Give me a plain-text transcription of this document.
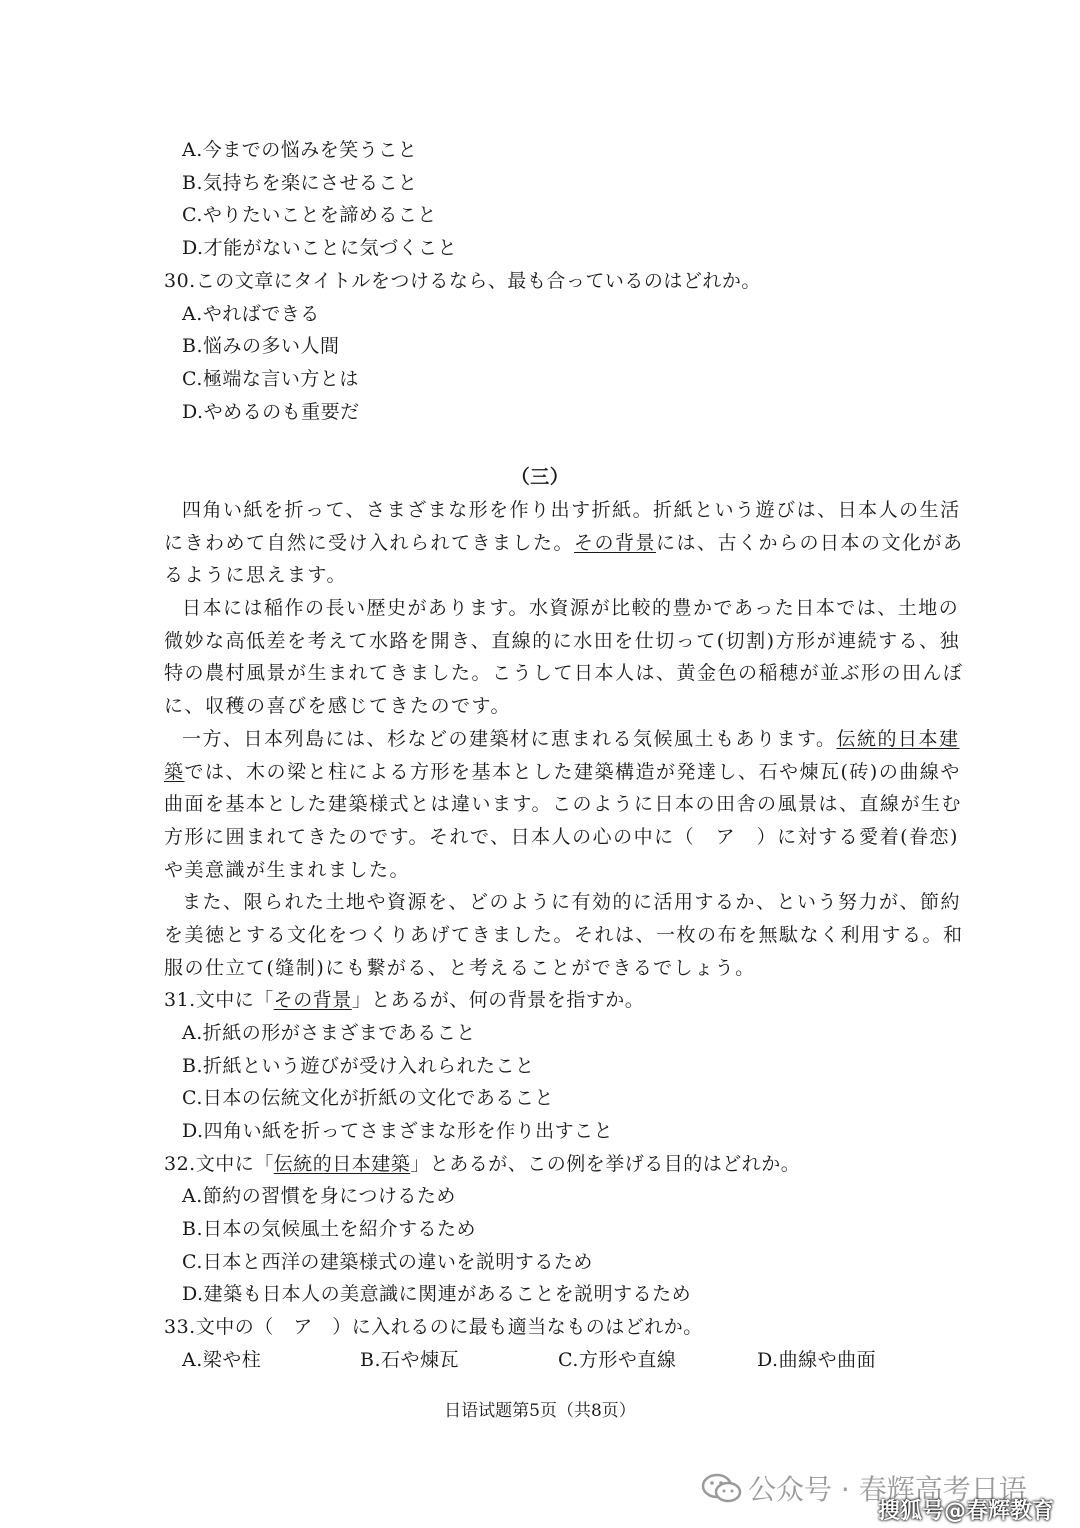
A.今までの悩みを笑うこと
B.気持ちを楽にさせること
C.やりたいことを諦めること
D.才能がないことに気づくこと
30.この文章にタイトルをつけるなら、最も合っているのはどれか。
A.やればできる
B.悩みの多い人間
C.極端な言い方とは
D.やめるのも重要だ
（三）
四角い紙を折って、さまざまな形を作り出す折紙。折紙という遊びは、日本人の生活
にきわめて自然に受け入れられてきました。その背景には、古くからの日本の文化があ
るように思えます。
日本には稲作の長い歴史があります。水資源が比較的豊かであった日本では、土地の
微妙な高低差を考えて水路を開き、直線的に水田を仕切って(切割)方形が連続する、独
特の農村風景が生まれてきました。こうして日本人は、黄金色の稲穂が並ぶ形の田んぼ
に、収穫の喜びを感じてきたのです。
一方、日本列島には、杉などの建築材に恵まれる気候風土もあります。伝統的日本建
築では、木の梁と柱による方形を基本とした建築構造が発達し、石や煉瓦(砖)の曲線や
曲面を基本とした建築様式とは違います。このように日本の田舎の風景は、直線が生む
方形に囲まれてきたのです。それで、日本人の心の中に（　ア　）に対する愛着(眷恋)
や美意識が生まれました。
また、限られた土地や資源を、どのように有効的に活用するか、という努力が、節約
を美徳とする文化をつくりあげてきました。それは、一枚の布を無駄なく利用する。和
服の仕立て(缝制)にも繋がる、と考えることができるでしょう。
31.文中に「その背景」とあるが、何の背景を指すか。
A.折紙の形がさまざまであること
B.折紙という遊びが受け入れられたこと
C.日本の伝統文化が折紙の文化であること
D.四角い紙を折ってさまざまな形を作り出すこと
32.文中に「伝統的日本建築」とあるが、この例を挙げる目的はどれか。
A.節約の習慣を身につけるため
B.日本の気候風土を紹介するため
C.日本と西洋の建築様式の違いを説明するため
D.建築も日本人の美意識に関連があることを説明するため
33.文中の（　ア　）に入れるのに最も適当なものはどれか。
A.梁や柱	B.石や煉瓦	C.方形や直線	D.曲線や曲面
日语试题第5页（共8页）
公众号 · 春辉高考日语
搜狐号@春辉教育
